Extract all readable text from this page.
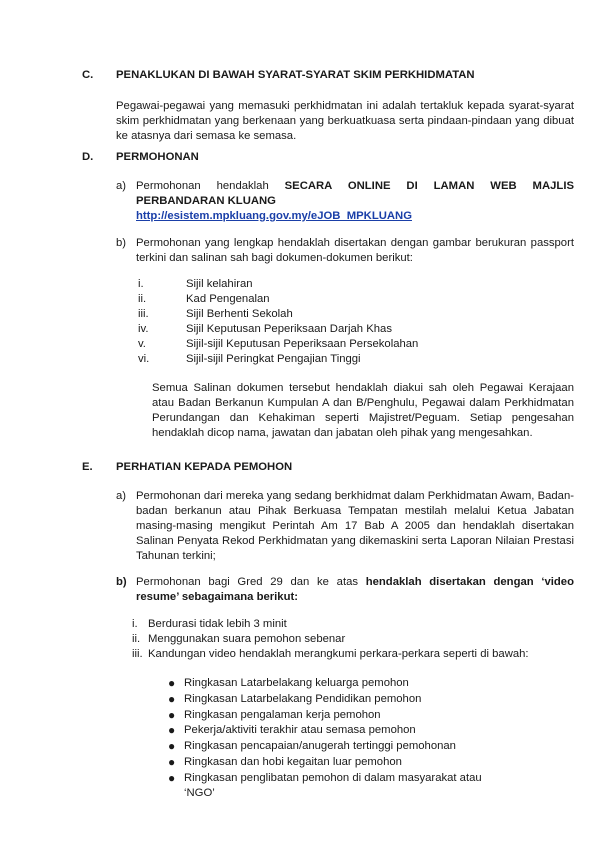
C.	PENAKLUKAN DI BAWAH SYARAT-SYARAT SKIM PERKHIDMATAN
Pegawai-pegawai yang memasuki perkhidmatan ini adalah tertakluk kepada syarat-syarat skim perkhidmatan yang berkenaan yang berkuatkuasa serta pindaan-pindaan yang dibuat ke atasnya dari semasa ke semasa.
D.	PERMOHONAN
a) Permohonan hendaklah SECARA ONLINE DI LAMAN WEB MAJLIS PERBANDARAN KLUANG
http://esistem.mpkluang.gov.my/eJOB_MPKLUANG
b) Permohonan yang lengkap hendaklah disertakan dengan gambar berukuran passport terkini dan salinan sah bagi dokumen-dokumen berikut:
i.	Sijil kelahiran
ii.	Kad Pengenalan
iii.	Sijil Berhenti Sekolah
iv.	Sijil Keputusan Peperiksaan Darjah Khas
v.	Sijil-sijil Keputusan Peperiksaan Persekolahan
vi.	Sijil-sijil Peringkat Pengajian Tinggi
Semua Salinan dokumen tersebut hendaklah diakui sah oleh Pegawai Kerajaan atau Badan Berkanun Kumpulan A dan B/Penghulu, Pegawai dalam Perkhidmatan Perundangan dan Kehakiman seperti Majistret/Peguam. Setiap pengesahan hendaklah dicop nama, jawatan dan jabatan oleh pihak yang mengesahkan.
E.	PERHATIAN KEPADA PEMOHON
a) Permohonan dari mereka yang sedang berkhidmat dalam Perkhidmatan Awam, Badan-badan berkanun atau Pihak Berkuasa Tempatan mestilah melalui Ketua Jabatan masing-masing mengikut Perintah Am 17 Bab A 2005 dan hendaklah disertakan Salinan Penyata Rekod Perkhidmatan yang dikemaskini serta Laporan Nilaian Prestasi Tahunan terkini;
b) Permohonan bagi Gred 29 dan ke atas hendaklah disertakan dengan ‘video resume’ sebagaimana berikut:
i. Berdurasi tidak lebih 3 minit
ii. Menggunakan suara pemohon sebenar
iii. Kandungan video hendaklah merangkumi perkara-perkara seperti di bawah:
● Ringkasan Latarbelakang keluarga pemohon
● Ringkasan Latarbelakang Pendidikan pemohon
● Ringkasan pengalaman kerja pemohon
● Pekerja/aktiviti terakhir atau semasa pemohon
● Ringkasan pencapaian/anugerah tertinggi pemohonan
● Ringkasan dan hobi kegaitan luar pemohon
● Ringkasan penglibatan pemohon di dalam masyarakat atau ‘NGO’
